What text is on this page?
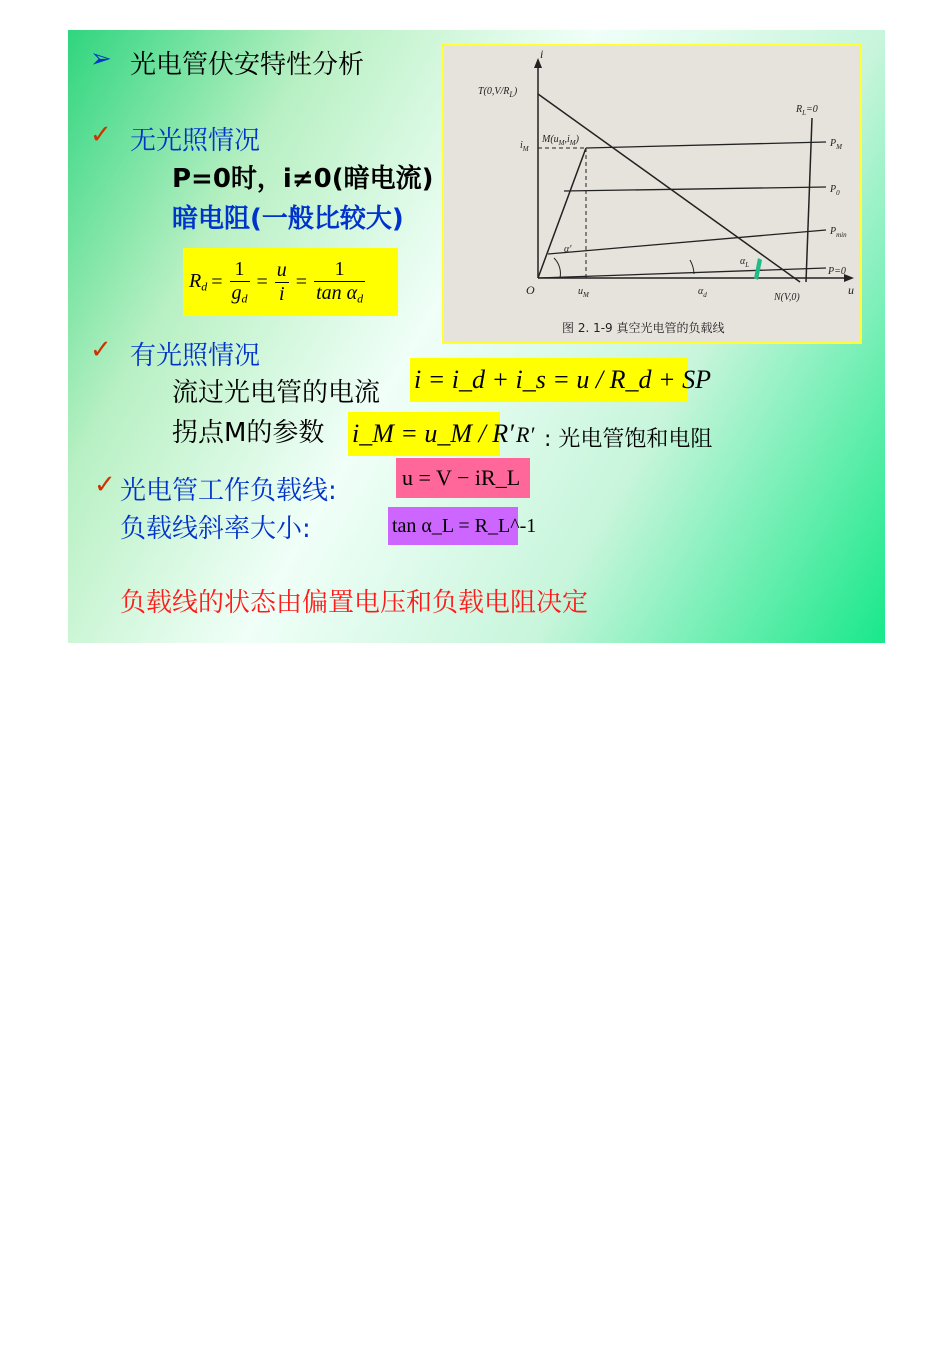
➢ 光电管伏安特性分析
✓ 无光照情况
P=0时，i≠0(暗电流)
暗电阻(一般比较大)
$R_d = \frac{1}{g_d} = \frac{u}{i} = \frac{1}{\tan \alpha_d}$
✓ 有光照情况
流过光电管的电流 i = i_d + i_s = u / R_d + SP
拐点M的参数 i_M = u_M / R′ R′ : 光电管饱和电阻
✓ 光电管工作负载线:	u = V − iR_L
负载线斜率大小:	tan α_L = R_L^-1
负载线的状态由偏置电压和负载电阻决定
i
u
O
$T(0,V/R_L)$
$M(u_M,i_M)$
$i_M$
$u_M$	N(V,0)
$R_L=0$
$P_M$
$P_0$
$P_{min}$
P=0
α′
$\alpha_d$
$\alpha_L$
图 2. 1-9 真空光电管的负载线
